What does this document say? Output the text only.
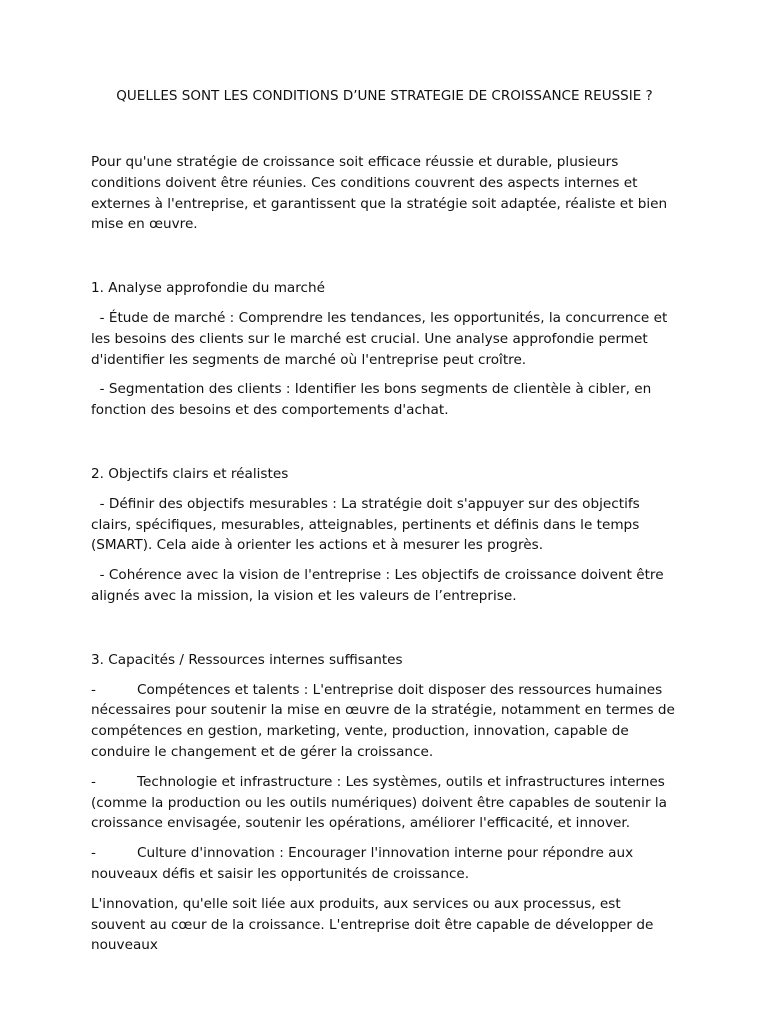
QUELLES SONT LES CONDITIONS D’UNE STRATEGIE DE CROISSANCE REUSSIE ?

Pour qu'une stratégie de croissance soit efficace réussie et durable, plusieurs conditions doivent être réunies. Ces conditions couvrent des aspects internes et externes à l'entreprise, et garantissent que la stratégie soit adaptée, réaliste et bien mise en œuvre.

1. Analyse approfondie du marché

- Étude de marché : Comprendre les tendances, les opportunités, la concurrence et les besoins des clients sur le marché est crucial. Une analyse approfondie permet d'identifier les segments de marché où l'entreprise peut croître.

- Segmentation des clients : Identifier les bons segments de clientèle à cibler, en fonction des besoins et des comportements d'achat.

2. Objectifs clairs et réalistes

- Définir des objectifs mesurables : La stratégie doit s'appuyer sur des objectifs clairs, spécifiques, mesurables, atteignables, pertinents et définis dans le temps (SMART). Cela aide à orienter les actions et à mesurer les progrès.

- Cohérence avec la vision de l'entreprise : Les objectifs de croissance doivent être alignés avec la mission, la vision et les valeurs de l’entreprise.

3. Capacités / Ressources internes suffisantes

-	Compétences et talents : L'entreprise doit disposer des ressources humaines nécessaires pour soutenir la mise en œuvre de la stratégie, notamment en termes de compétences en gestion, marketing, vente, production, innovation, capable de conduire le changement et de gérer la croissance.

-	Technologie et infrastructure : Les systèmes, outils et infrastructures internes (comme la production ou les outils numériques) doivent être capables de soutenir la croissance envisagée, soutenir les opérations, améliorer l'efficacité, et innover.

-	Culture d'innovation : Encourager l'innovation interne pour répondre aux nouveaux défis et saisir les opportunités de croissance.

L'innovation, qu'elle soit liée aux produits, aux services ou aux processus, est souvent au cœur de la croissance. L'entreprise doit être capable de développer de nouveaux
